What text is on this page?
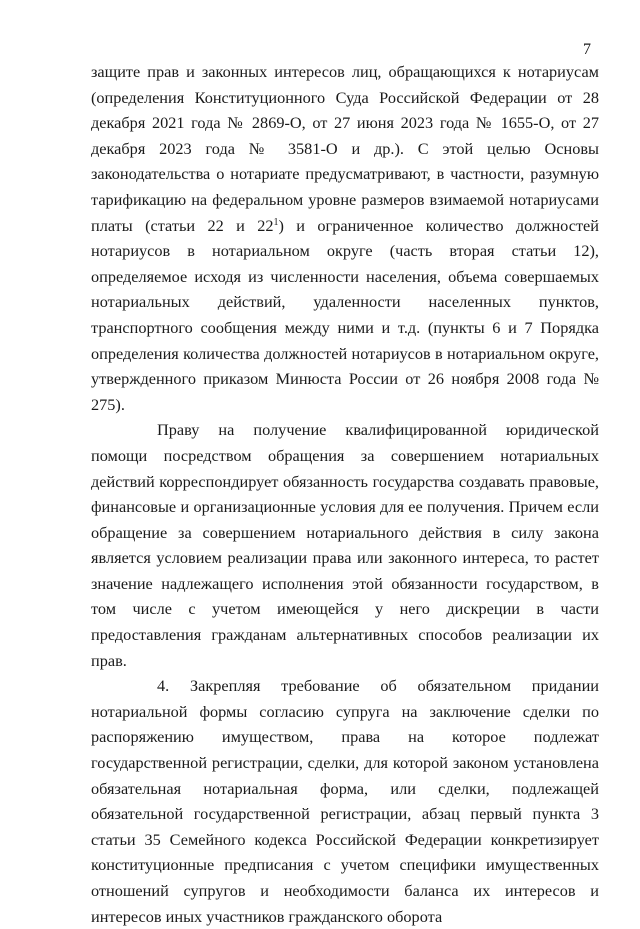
7

защите прав и законных интересов лиц, обращающихся к нотариусам (определения Конституционного Суда Российской Федерации от 28 декабря 2021 года № 2869-О, от 27 июня 2023 года № 1655-О, от 27 декабря 2023 года № 3581-О и др.). С этой целью Основы законодательства о нотариате предусматривают, в частности, разумную тарификацию на федеральном уровне размеров взимаемой нотариусами платы (статьи 22 и $22^1$) и ограниченное количество должностей нотариусов в нотариальном округе (часть вторая статьи 12), определяемое исходя из численности населения, объема совершаемых нотариальных действий, удаленности населенных пунктов, транспортного сообщения между ними и т.д. (пункты 6 и 7 Порядка определения количества должностей нотариусов в нотариальном округе, утвержденного приказом Минюста России от 26 ноября 2008 года № 275).

Праву на получение квалифицированной юридической помощи посредством обращения за совершением нотариальных действий корреспондирует обязанность государства создавать правовые, финансовые и организационные условия для ее получения. Причем если обращение за совершением нотариального действия в силу закона является условием реализации права или законного интереса, то растет значение надлежащего исполнения этой обязанности государством, в том числе с учетом имеющейся у него дискреции в части предоставления гражданам альтернативных способов реализации их прав.

4. Закрепляя требование об обязательном придании нотариальной формы согласию супруга на заключение сделки по распоряжению имуществом, права на которое подлежат государственной регистрации, сделки, для которой законом установлена обязательная нотариальная форма, или сделки, подлежащей обязательной государственной регистрации, абзац первый пункта 3 статьи 35 Семейного кодекса Российской Федерации конкретизирует конституционные предписания с учетом специфики имущественных отношений супругов и необходимости баланса их интересов и интересов иных участников гражданского оборота
